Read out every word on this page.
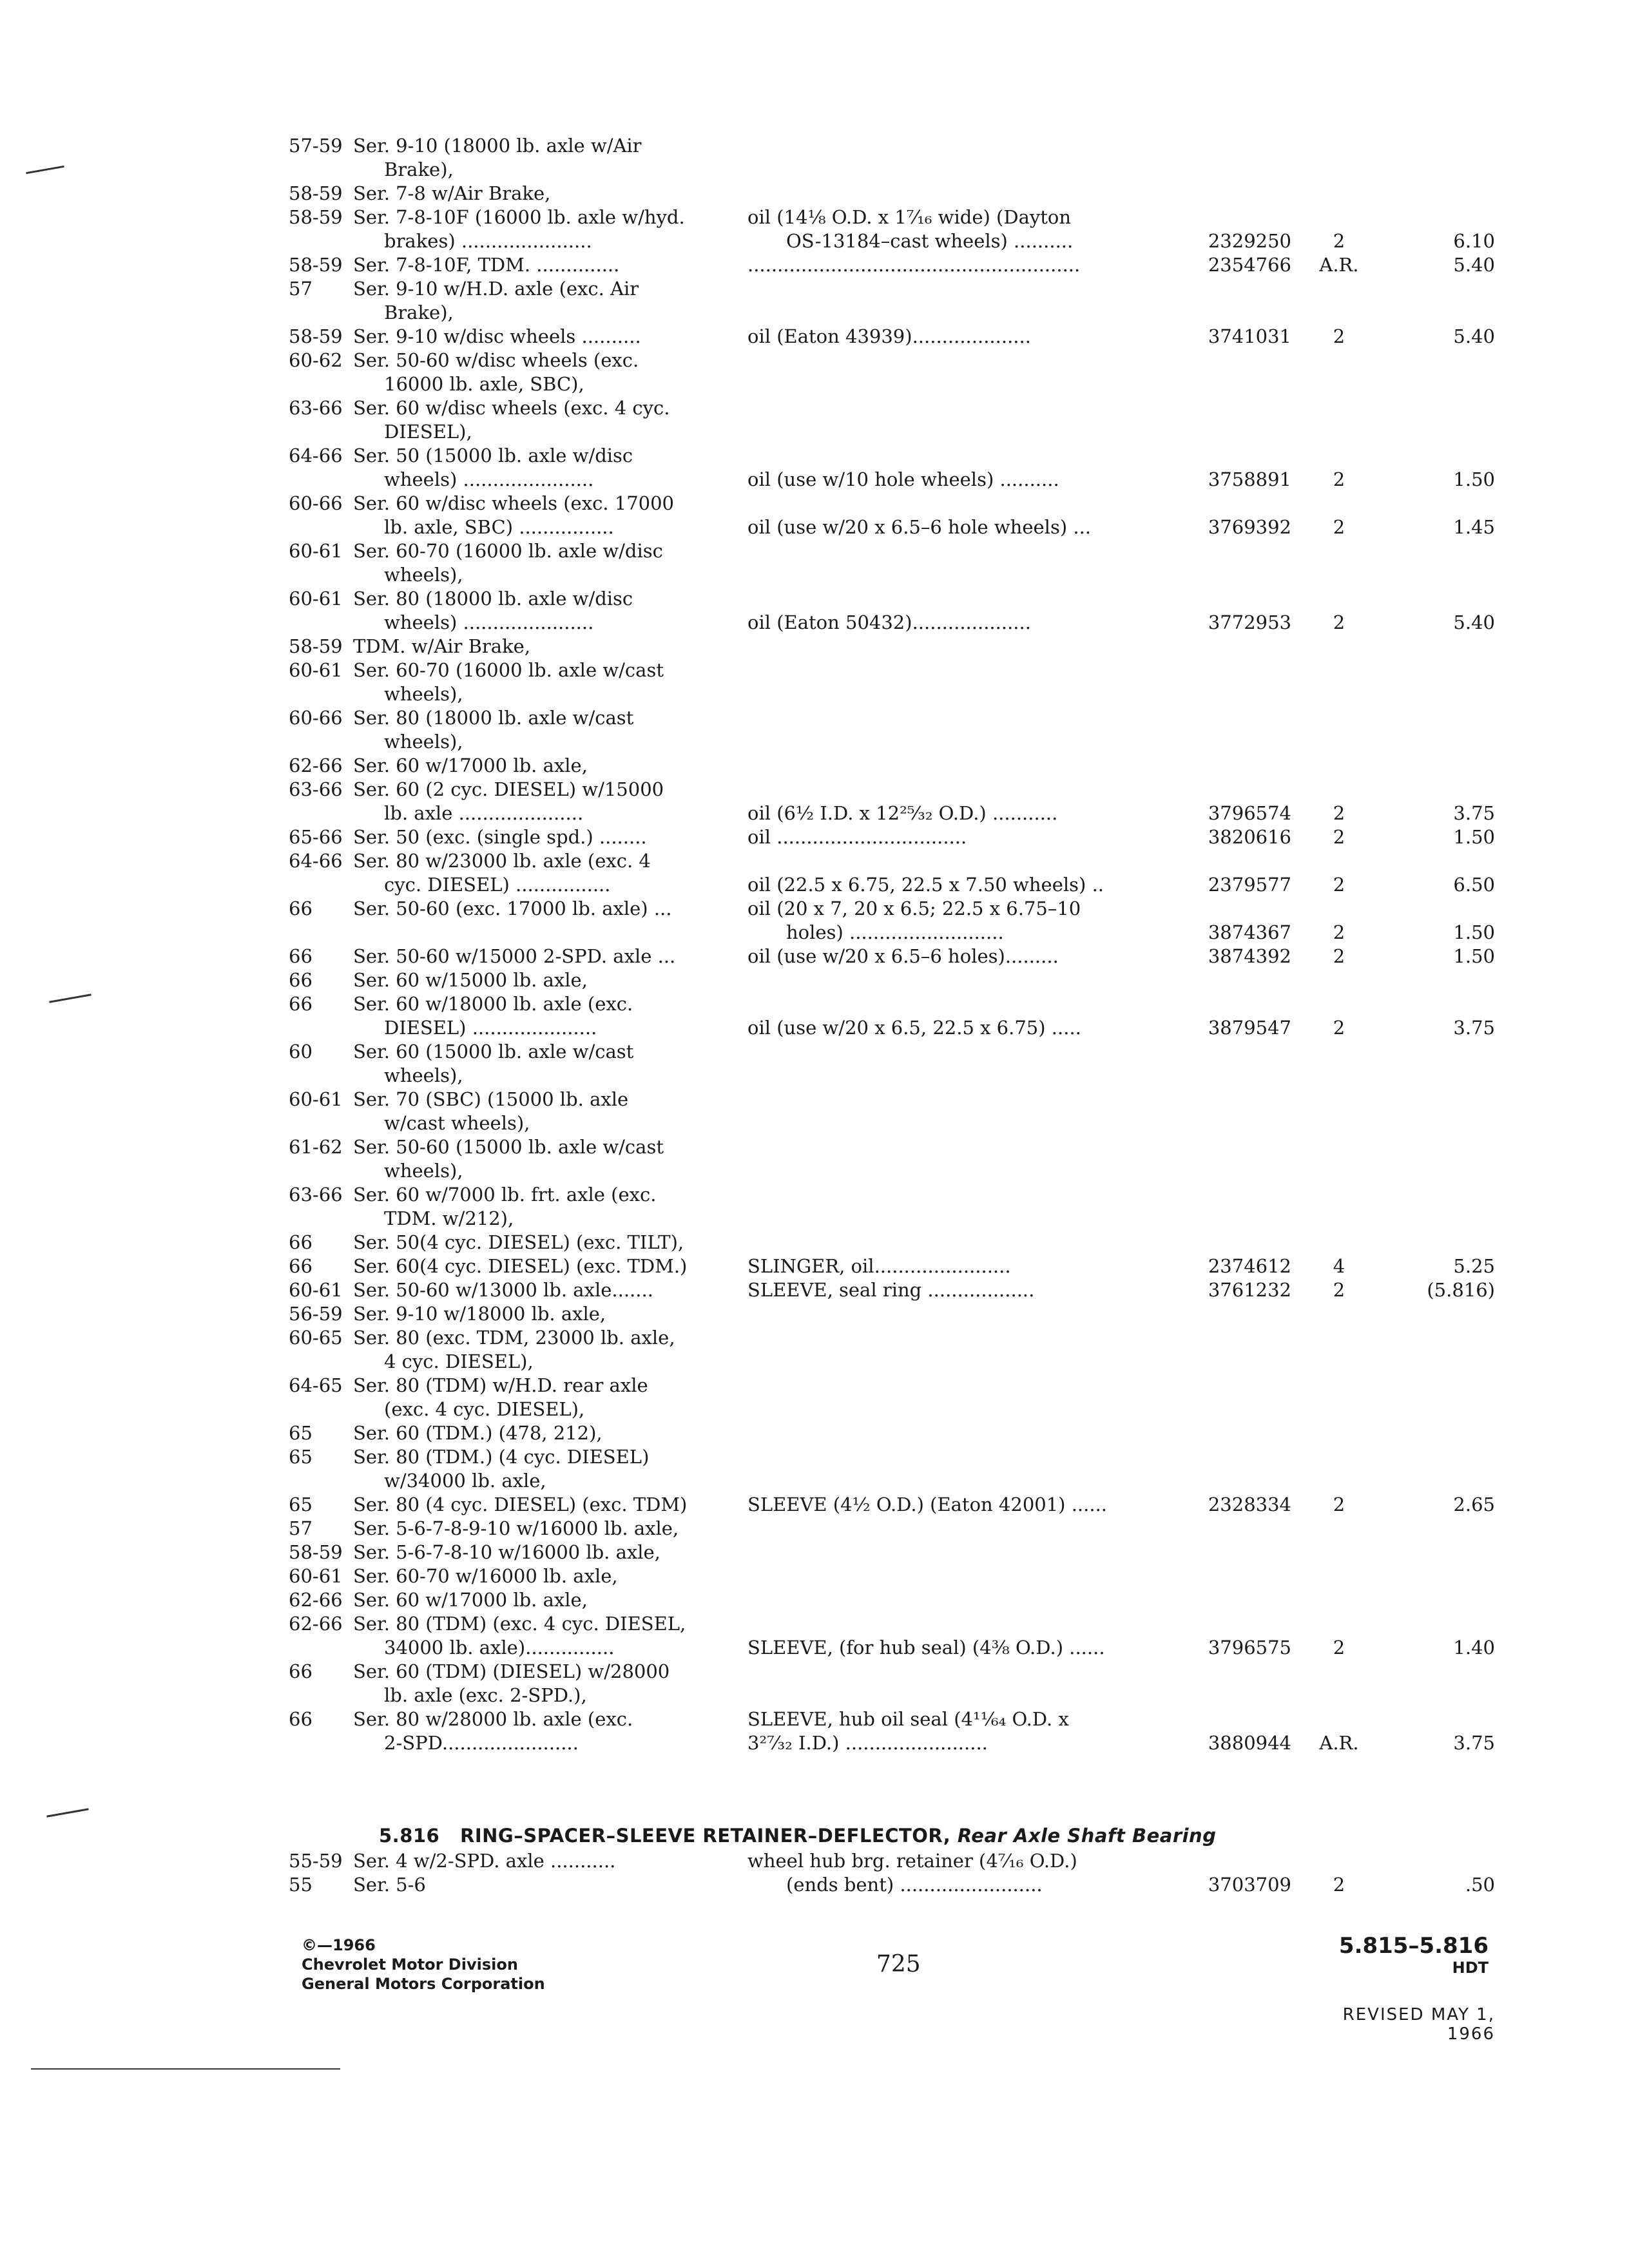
57-59 Ser. 9-10 (18000 lb. axle w/Air
Brake),
58-59 Ser. 7-8 w/Air Brake,
58-59 Ser. 7-8-10F (16000 lb. axle w/hyd.	oil (14⅛ O.D. x 1⁷⁄₁₆ wide) (Dayton
brakes) ......................	OS-13184–cast wheels) ..........	2329250	2	6.10
58-59 Ser. 7-8-10F, TDM. ..............	........................................................	2354766	A.R.	5.40
57 Ser. 9-10 w/H.D. axle (exc. Air
Brake),
58-59 Ser. 9-10 w/disc wheels ..........	oil (Eaton 43939)....................	3741031	2	5.40
60-62 Ser. 50-60 w/disc wheels (exc.
16000 lb. axle, SBC),
63-66 Ser. 60 w/disc wheels (exc. 4 cyc.
DIESEL),
64-66 Ser. 50 (15000 lb. axle w/disc
wheels) ......................	oil (use w/10 hole wheels) ..........	3758891	2	1.50
60-66 Ser. 60 w/disc wheels (exc. 17000
lb. axle, SBC) ................	oil (use w/20 x 6.5–6 hole wheels) ...	3769392	2	1.45
60-61 Ser. 60-70 (16000 lb. axle w/disc
wheels),
60-61 Ser. 80 (18000 lb. axle w/disc
wheels) ......................	oil (Eaton 50432)....................	3772953	2	5.40
58-59 TDM. w/Air Brake,
60-61 Ser. 60-70 (16000 lb. axle w/cast
wheels),
60-66 Ser. 80 (18000 lb. axle w/cast
wheels),
62-66 Ser. 60 w/17000 lb. axle,
63-66 Ser. 60 (2 cyc. DIESEL) w/15000
lb. axle .....................	oil (6½ I.D. x 12²⁵⁄₃₂ O.D.) ...........	3796574	2	3.75
65-66 Ser. 50 (exc. (single spd.) ........	oil ................................	3820616	2	1.50
64-66 Ser. 80 w/23000 lb. axle (exc. 4
cyc. DIESEL) ................	oil (22.5 x 6.75, 22.5 x 7.50 wheels) ..	2379577	2	6.50
66 Ser. 50-60 (exc. 17000 lb. axle) ...	oil (20 x 7, 20 x 6.5; 22.5 x 6.75–10
holes) ..........................	3874367	2	1.50
66 Ser. 50-60 w/15000 2-SPD. axle ...	oil (use w/20 x 6.5–6 holes).........	3874392	2	1.50
66 Ser. 60 w/15000 lb. axle,
66 Ser. 60 w/18000 lb. axle (exc.
DIESEL) .....................	oil (use w/20 x 6.5, 22.5 x 6.75) .....	3879547	2	3.75
60 Ser. 60 (15000 lb. axle w/cast
wheels),
60-61 Ser. 70 (SBC) (15000 lb. axle
w/cast wheels),
61-62 Ser. 50-60 (15000 lb. axle w/cast
wheels),
63-66 Ser. 60 w/7000 lb. frt. axle (exc.
TDM. w/212),
66 Ser. 50(4 cyc. DIESEL) (exc. TILT),
66 Ser. 60(4 cyc. DIESEL) (exc. TDM.)	SLINGER, oil.......................	2374612	4	5.25
60-61 Ser. 50-60 w/13000 lb. axle.......	SLEEVE, seal ring ..................	3761232	2	(5.816)
56-59 Ser. 9-10 w/18000 lb. axle,
60-65 Ser. 80 (exc. TDM, 23000 lb. axle,
4 cyc. DIESEL),
64-65 Ser. 80 (TDM) w/H.D. rear axle
(exc. 4 cyc. DIESEL),
65 Ser. 60 (TDM.) (478, 212),
65 Ser. 80 (TDM.) (4 cyc. DIESEL)
w/34000 lb. axle,
65 Ser. 80 (4 cyc. DIESEL) (exc. TDM)	SLEEVE (4½ O.D.) (Eaton 42001) ......	2328334	2	2.65
57 Ser. 5-6-7-8-9-10 w/16000 lb. axle,
58-59 Ser. 5-6-7-8-10 w/16000 lb. axle,
60-61 Ser. 60-70 w/16000 lb. axle,
62-66 Ser. 60 w/17000 lb. axle,
62-66 Ser. 80 (TDM) (exc. 4 cyc. DIESEL,
34000 lb. axle)...............	SLEEVE, (for hub seal) (4⅜ O.D.) ......	3796575	2	1.40
66 Ser. 60 (TDM) (DIESEL) w/28000
lb. axle (exc. 2-SPD.),
66 Ser. 80 w/28000 lb. axle (exc.	SLEEVE, hub oil seal (4¹¹⁄₆₄ O.D. x
2-SPD.......................	3²⁷⁄₃₂ I.D.) ........................	3880944	A.R.	3.75
5.816 RING–SPACER–SLEEVE RETAINER–DEFLECTOR, Rear Axle Shaft Bearing
55-59 Ser. 4 w/2-SPD. axle ...........	wheel hub brg. retainer (4⁷⁄₁₆ O.D.)
55 Ser. 5-6	(ends bent) ........................	3703709	2	.50
©—1966
Chevrolet Motor Division
General Motors Corporation
725
5.815–5.816
HDT
REVISED MAY 1, 1966
